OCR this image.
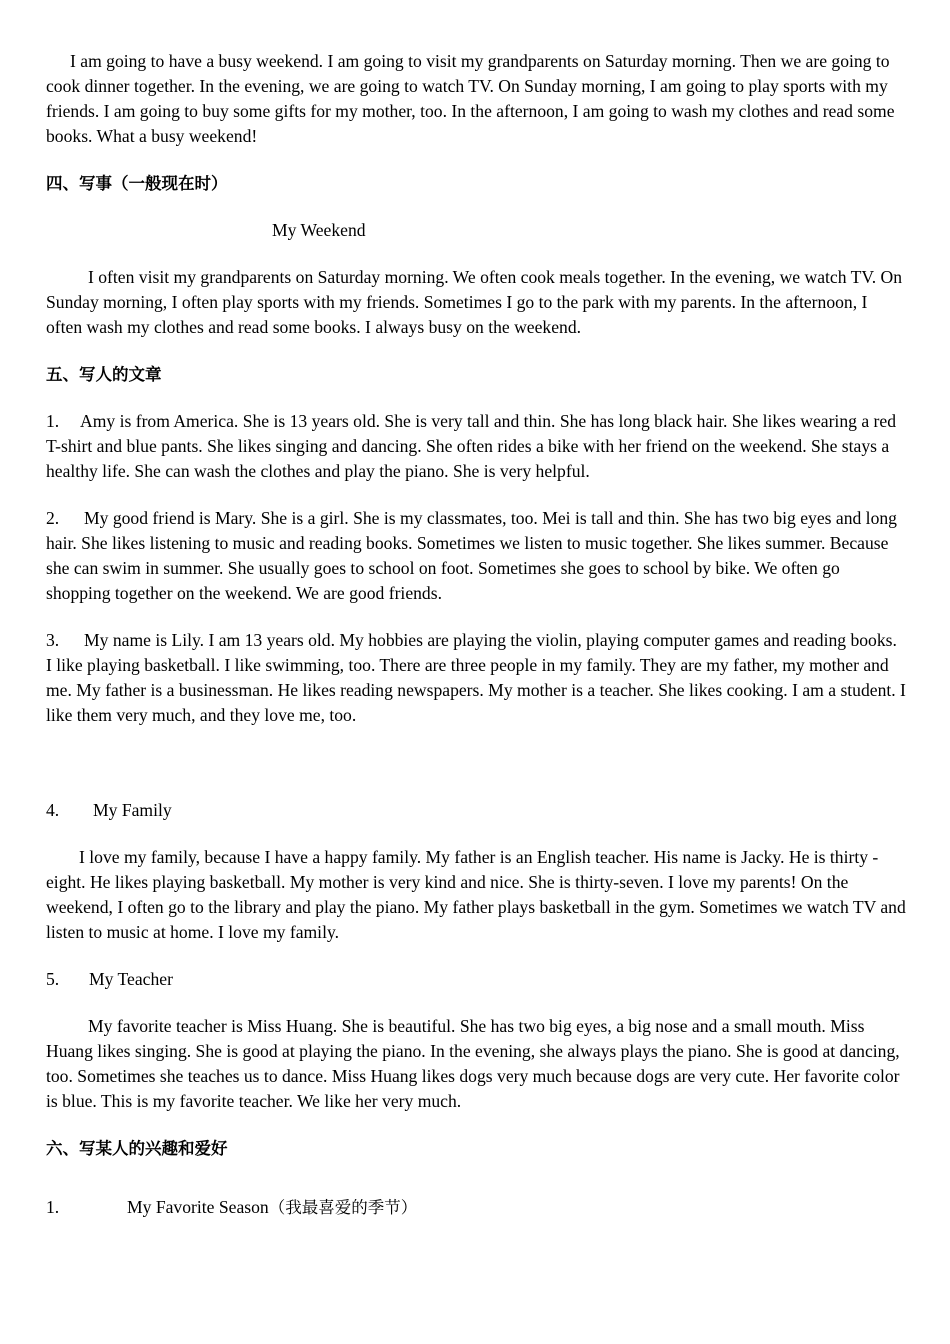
I am going to have a busy weekend. I am going to visit my grandparents on Saturday morning. Then we are going to cook dinner together. In the evening, we are going to watch TV. On Sunday morning, I am going to play sports with my friends. I am going to buy some gifts for my mother, too. In the afternoon, I am going to wash my clothes and read some books. What a busy weekend!

四、写事（一般现在时）

My Weekend

I often visit my grandparents on Saturday morning. We often cook meals together. In the evening, we watch TV. On Sunday morning, I often play sports with my friends. Sometimes I go to the park with my parents. In the afternoon, I often wash my clothes and read some books. I always busy on the weekend.

五、写人的文章

1. Amy is from America. She is 13 years old. She is very tall and thin. She has long black hair. She likes wearing a red T-shirt and blue pants. She likes singing and dancing. She often rides a bike with her friend on the weekend. She stays a healthy life. She can wash the clothes and play the piano. She is very helpful.

2. My good friend is Mary. She is a girl. She is my classmates, too. Mei is tall and thin. She has two big eyes and long hair. She likes listening to music and reading books. Sometimes we listen to music together. She likes summer. Because she can swim in summer. She usually goes to school on foot. Sometimes she goes to school by bike. We often go shopping together on the weekend. We are good friends.

3. My name is Lily. I am 13 years old. My hobbies are playing the violin, playing computer games and reading books. I like playing basketball. I like swimming, too. There are three people in my family. They are my father, my mother and me. My father is a businessman. He likes reading newspapers. My mother is a teacher. She likes cooking. I am a student. I like them very much, and they love me, too.

4. My Family

I love my family, because I have a happy family. My father is an English teacher. His name is Jacky. He is thirty -eight. He likes playing basketball. My mother is very kind and nice. She is thirty-seven. I love my parents! On the weekend, I often go to the library and play the piano. My father plays basketball in the gym. Sometimes we watch TV and listen to music at home. I love my family.

5. My Teacher

My favorite teacher is Miss Huang. She is beautiful. She has two big eyes, a big nose and a small mouth. Miss Huang likes singing. She is good at playing the piano. In the evening, she always plays the piano. She is good at dancing, too. Sometimes she teaches us to dance. Miss Huang likes dogs very much because dogs are very cute. Her favorite color is blue. This is my favorite teacher. We like her very much.

六、写某人的兴趣和爱好

1.	My Favorite Season（我最喜爱的季节）
